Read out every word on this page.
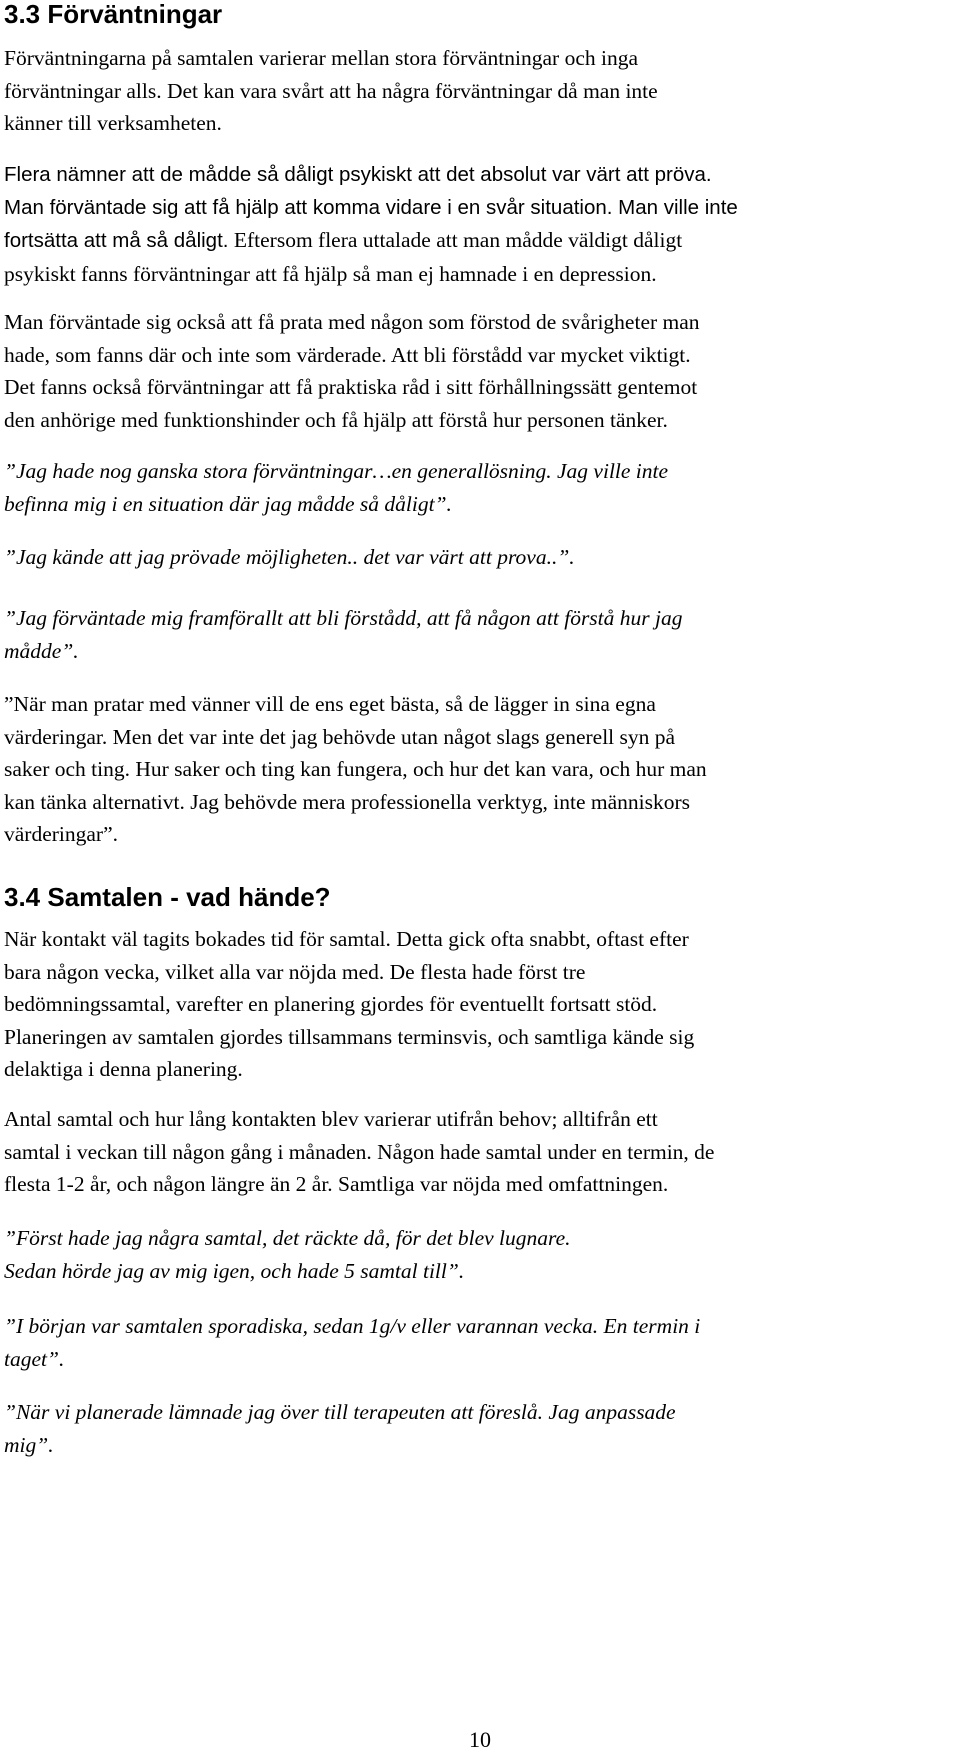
3.3 Förväntningar

Förväntningarna på samtalen varierar mellan stora förväntningar och inga
förväntningar alls. Det kan vara svårt att ha några förväntningar då man inte
känner till verksamheten.

Flera nämner att de mådde så dåligt psykiskt att det absolut var värt att pröva.
Man förväntade sig att få hjälp att komma vidare i en svår situation. Man ville inte
fortsätta att må så dåligt. Eftersom flera uttalade att man mådde väldigt dåligt
psykiskt fanns förväntningar att få hjälp så man ej hamnade i en depression.

Man förväntade sig också att få prata med någon som förstod de svårigheter man
hade, som fanns där och inte som värderade. Att bli förstådd var mycket viktigt.
Det fanns också förväntningar att få praktiska råd i sitt förhållningssätt gentemot
den anhörige med funktionshinder och få hjälp att förstå hur personen tänker.

”Jag hade nog ganska stora förväntningar…en generallösning. Jag ville inte
befinna mig i en situation där jag mådde så dåligt”.

”Jag kände att jag prövade möjligheten.. det var värt att prova..”.

”Jag förväntade mig framförallt att bli förstådd, att få någon att förstå hur jag
mådde”.

”När man pratar med vänner vill de ens eget bästa, så de lägger in sina egna
värderingar. Men det var inte det jag behövde utan något slags generell syn på
saker och ting. Hur saker och ting kan fungera, och hur det kan vara, och hur man
kan tänka alternativt. Jag behövde mera professionella verktyg, inte människors
värderingar”.

3.4 Samtalen - vad hände?

När kontakt väl tagits bokades tid för samtal. Detta gick ofta snabbt, oftast efter
bara någon vecka, vilket alla var nöjda med. De flesta hade först tre
bedömningssamtal, varefter en planering gjordes för eventuellt fortsatt stöd.
Planeringen av samtalen gjordes tillsammans terminsvis, och samtliga kände sig
delaktiga i denna planering.

Antal samtal och hur lång kontakten blev varierar utifrån behov; alltifrån ett
samtal i veckan till någon gång i månaden. Någon hade samtal under en termin, de
flesta 1-2 år, och någon längre än 2 år. Samtliga var nöjda med omfattningen.

”Först hade jag några samtal, det räckte då, för det blev lugnare.
Sedan hörde jag av mig igen, och hade 5 samtal till”.

”I början var samtalen sporadiska, sedan 1g/v eller varannan vecka. En termin i
taget”.

”När vi planerade lämnade jag över till terapeuten att föreslå. Jag anpassade
mig”.

10
